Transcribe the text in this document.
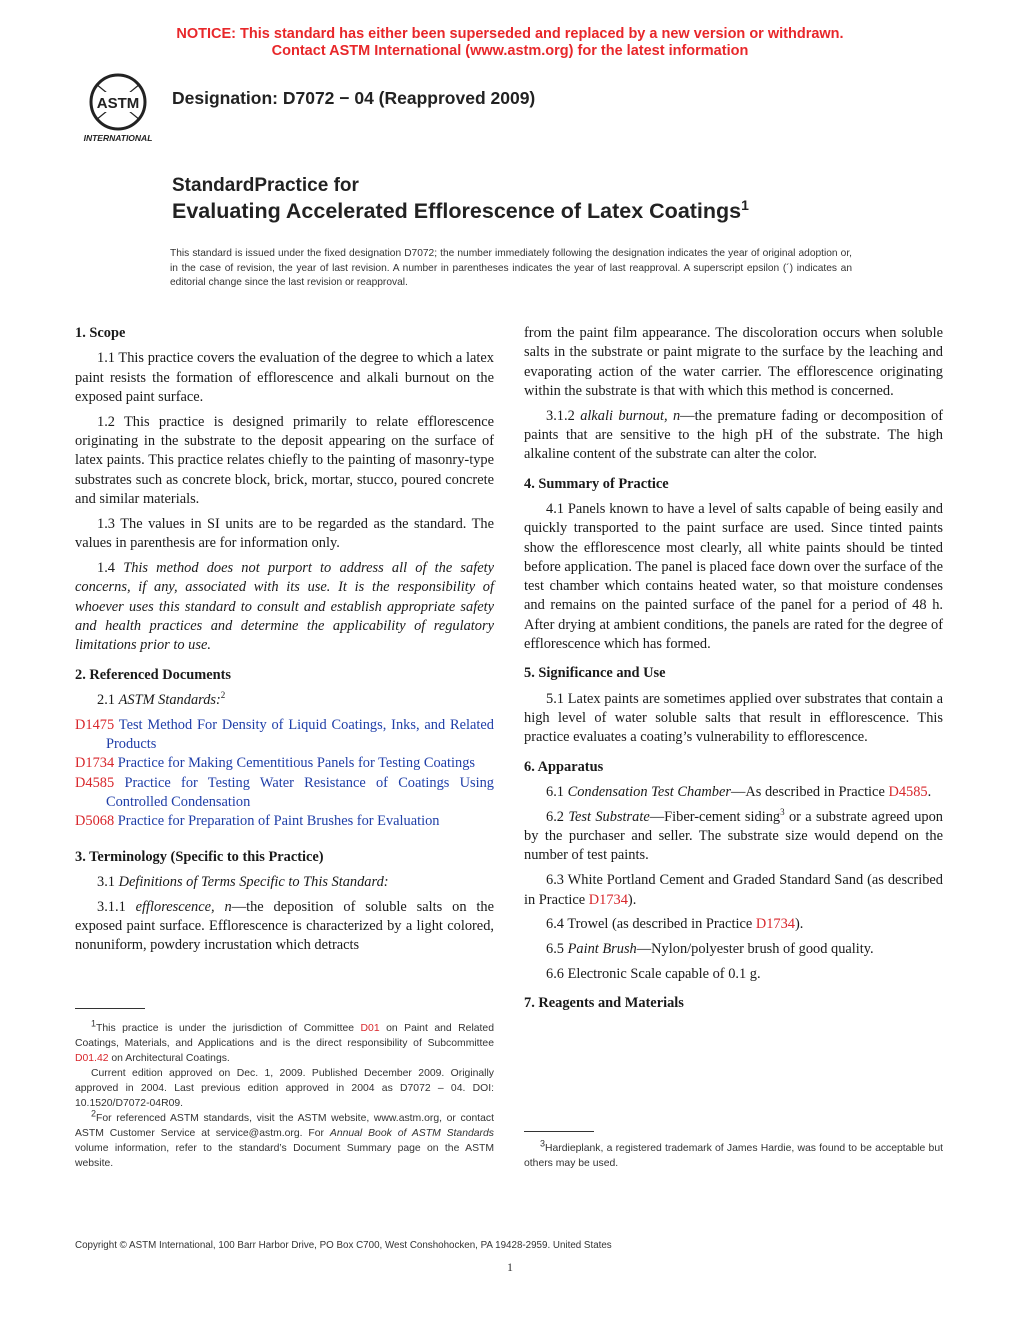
NOTICE: This standard has either been superseded and replaced by a new version or withdrawn.
Contact ASTM International (www.astm.org) for the latest information
ASTM
INTERNATIONAL
Designation: D7072 − 04 (Reapproved 2009)
StandardPractice for
Evaluating Accelerated Efflorescence of Latex Coatings$^1$
This standard is issued under the fixed designation D7072; the number immediately following the designation indicates the year of original adoption or, in the case of revision, the year of last revision. A number in parentheses indicates the year of last reapproval. A superscript epsilon (´) indicates an editorial change since the last revision or reapproval.
1. Scope

1.1 This practice covers the evaluation of the degree to which a latex paint resists the formation of efflorescence and alkali burnout on the exposed paint surface.

1.2 This practice is designed primarily to relate efflorescence originating in the substrate to the deposit appearing on the surface of latex paints. This practice relates chiefly to the painting of masonry-type substrates such as concrete block, brick, mortar, stucco, poured concrete and similar materials.

1.3 The values in SI units are to be regarded as the standard. The values in parenthesis are for information only.

1.4 This method does not purport to address all of the safety concerns, if any, associated with its use. It is the responsibility of whoever uses this standard to consult and establish appropriate safety and health practices and determine the applicability of regulatory limitations prior to use.

2. Referenced Documents

2.1 ASTM Standards:$^2$

D1475 Test Method For Density of Liquid Coatings, Inks, and Related Products
D1734 Practice for Making Cementitious Panels for Testing Coatings
D4585 Practice for Testing Water Resistance of Coatings Using Controlled Condensation
D5068 Practice for Preparation of Paint Brushes for Evaluation
3. Terminology (Specific to this Practice)

3.1 Definitions of Terms Specific to This Standard:

3.1.1 efflorescence, n—the deposition of soluble salts on the exposed paint surface. Efflorescence is characterized by a light colored, nonuniform, powdery incrustation which detracts

$^1$This practice is under the jurisdiction of Committee D01 on Paint and Related Coatings, Materials, and Applications and is the direct responsibility of Subcommittee D01.42 on Architectural Coatings.

Current edition approved on Dec. 1, 2009. Published December 2009. Originally approved in 2004. Last previous edition approved in 2004 as D7072 – 04. DOI: 10.1520/D7072-04R09.

$^2$For referenced ASTM standards, visit the ASTM website, www.astm.org, or contact ASTM Customer Service at service@astm.org. For Annual Book of ASTM Standards volume information, refer to the standard’s Document Summary page on the ASTM website.

from the paint film appearance. The discoloration occurs when soluble salts in the substrate or paint migrate to the surface by the leaching and evaporating action of the water carrier. The efflorescence originating within the substrate is that with which this method is concerned.

3.1.2 alkali burnout, n—the premature fading or decomposition of paints that are sensitive to the high pH of the substrate. The high alkaline content of the substrate can alter the color.

4. Summary of Practice

4.1 Panels known to have a level of salts capable of being easily and quickly transported to the paint surface are used. Since tinted paints show the efflorescence most clearly, all white paints should be tinted before application. The panel is placed face down over the surface of the test chamber which contains heated water, so that moisture condenses and remains on the painted surface of the panel for a period of 48 h. After drying at ambient conditions, the panels are rated for the degree of efflorescence which has formed.

5. Significance and Use

5.1 Latex paints are sometimes applied over substrates that contain a high level of water soluble salts that result in efflorescence. This practice evaluates a coating’s vulnerability to efflorescence.

6. Apparatus

6.1 Condensation Test Chamber—As described in Practice D4585.

6.2 Test Substrate—Fiber-cement siding$^3$ or a substrate agreed upon by the purchaser and seller. The substrate size would depend on the number of test paints.

6.3 White Portland Cement and Graded Standard Sand (as described in Practice D1734).

6.4 Trowel (as described in Practice D1734).

6.5 Paint Brush—Nylon/polyester brush of good quality.

6.6 Electronic Scale capable of 0.1 g.

7. Reagents and Materials

$^3$Hardieplank, a registered trademark of James Hardie, was found to be acceptable but others may be used.

Copyright © ASTM International, 100 Barr Harbor Drive, PO Box C700, West Conshohocken, PA 19428-2959. United States
1
